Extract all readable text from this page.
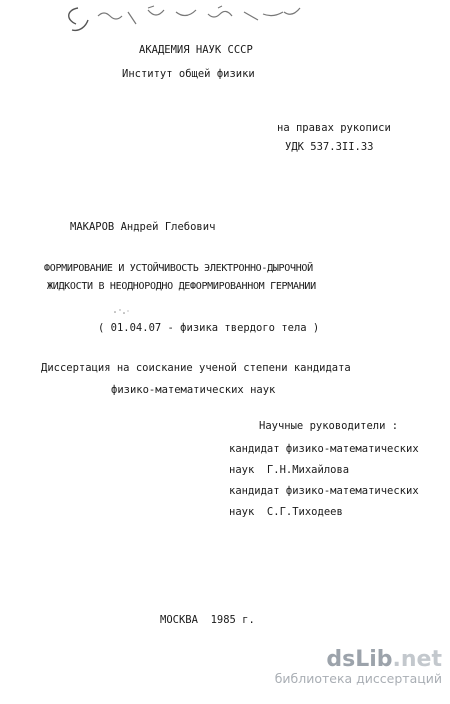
АКАДЕМИЯ НАУК СССР
Институт общей физики
на правах рукописи
УДК 537.3II.33
МАКАРОВ Андрей Глебович
ФОРМИРОВАНИЕ И УСТОЙЧИВОСТЬ ЭЛЕКТРОННО-ДЫРОЧНОЙ
ЖИДКОСТИ В НЕОДНОРОДНО ДЕФОРМИРОВАННОМ ГЕРМАНИИ
( 01.04.07 - физика твердого тела )
Диссертация на соискание ученой степени кандидата
физико-математических наук
Научные руководители :
кандидат физико-математических
наук  Г.Н.Михайлова
кандидат физико-математических
наук  С.Г.Тиходеев
МОСКВА  1985 г.
dsLib.net
библиотека диссертаций
